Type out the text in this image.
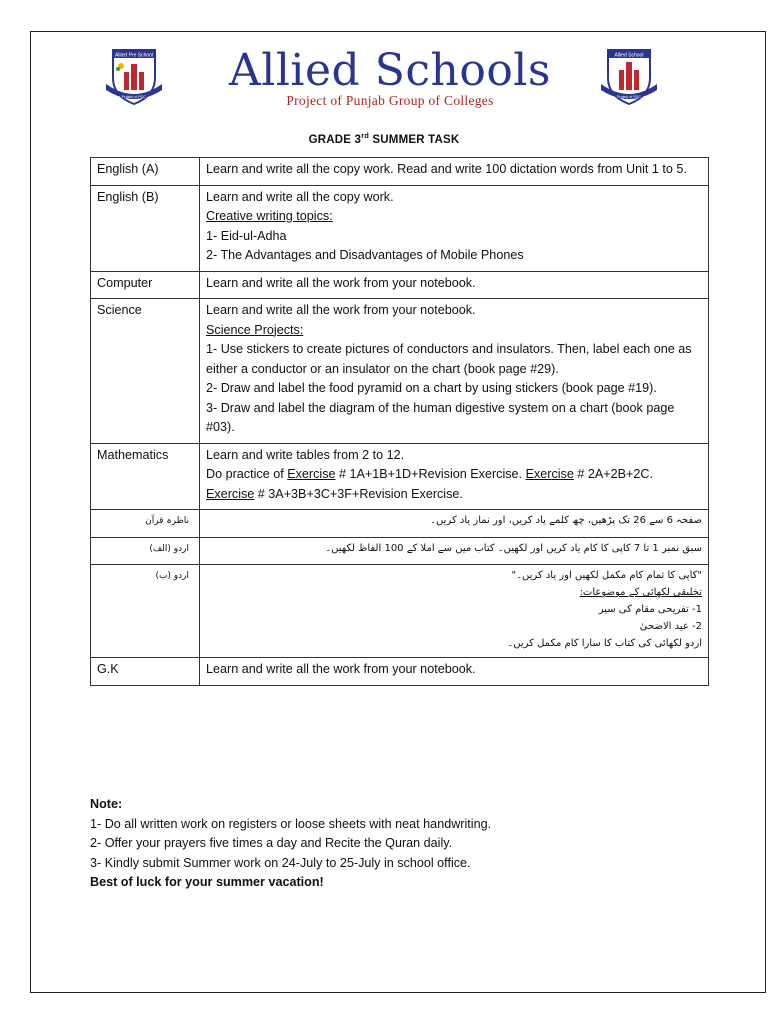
Allied Pre School
Project of PGC
Allied Schools
Project of Punjab Group of Colleges
Allied School
Project of PGC
GRADE 3rd SUMMER TASK
English (A)	Learn and write all the copy work. Read and write 100 dictation words from Unit 1 to 5.
English (B)	Learn and write all the copy work.
Creative writing topics:
1- Eid-ul-Adha
2- The Advantages and Disadvantages of Mobile Phones

Computer	Learn and write all the work from your notebook.

Science	Learn and write all the work from your notebook.
Science Projects:
1- Use stickers to create pictures of conductors and insulators. Then, label each one as either a conductor or an insulator on the chart (book page #29).
2- Draw and label the food pyramid on a chart by using stickers (book page #19).
3- Draw and label the diagram of the human digestive system on a chart (book page #03).

Mathematics	Learn and write tables from 2 to 12.
Do practice of Exercise # 1A+1B+1D+Revision Exercise. Exercise # 2A+2B+2C.
Exercise # 3A+3B+3C+3F+Revision Exercise.

ناظرہ قرآن	صفحہ 6 سے 26 تک پڑھیں، چھ کلمے یاد کریں، اور نماز یاد کریں۔

اردو (الف)	سبق نمبر 1 تا 7 کاپی کا کام یاد کریں اور لکھیں۔ کتاب میں سے املا کے 100 الفاظ لکھیں۔

اردو (ب)	"کاپی کا تمام کام مکمل لکھیں اور یاد کریں۔"
تخلیقی لکھائی کے موضوعات:
1- تفریحی مقام کی سیر
2- عید الاضحیٰ
اردو لکھائی کی کتاب کا سارا کام مکمل کریں۔

G.K	Learn and write all the work from your notebook.
Note:
1- Do all written work on registers or loose sheets with neat handwriting.
2- Offer your prayers five times a day and Recite the Quran daily.
3- Kindly submit Summer work on 24-July to 25-July in school office.
Best of luck for your summer vacation!
